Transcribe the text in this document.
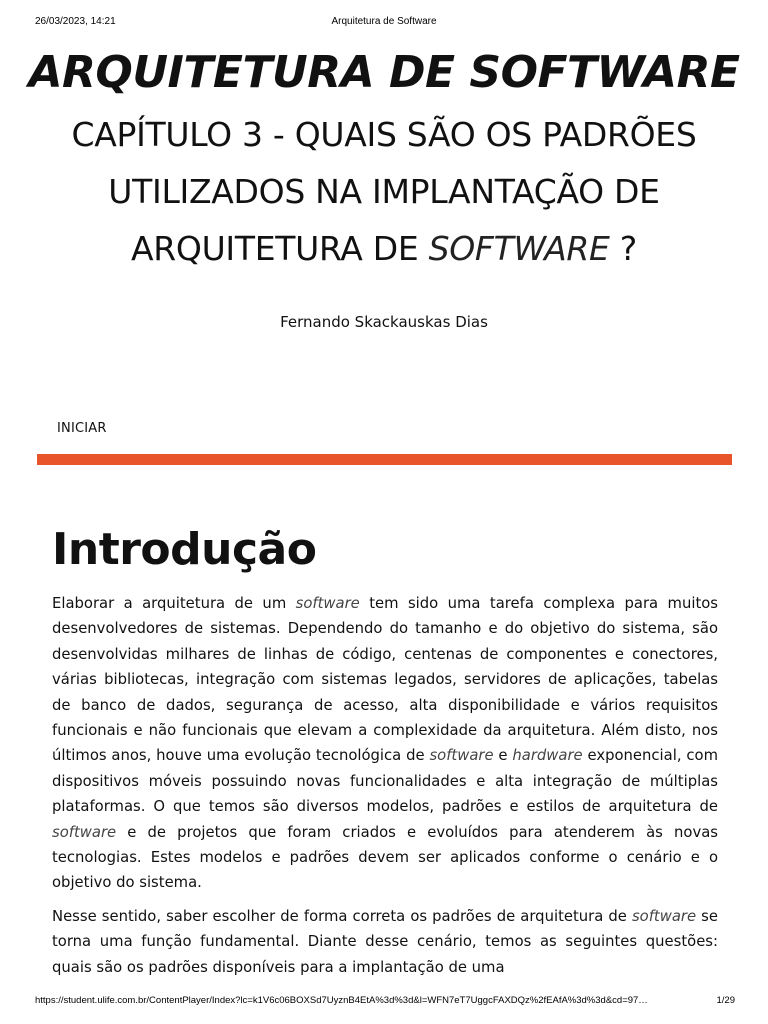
26/03/2023, 14:21	Arquitetura de Software
ARQUITETURA DE SOFTWARE
CAPÍTULO 3 - QUAIS SÃO OS PADRÕES
UTILIZADOS NA IMPLANTAÇÃO DE
ARQUITETURA DE SOFTWARE ?
Fernando Skackauskas Dias
INICIAR
Introdução

Elaborar a arquitetura de um software tem sido uma tarefa complexa para muitos desenvolvedores de sistemas. Dependendo do tamanho e do objetivo do sistema, são desenvolvidas milhares de linhas de código, centenas de componentes e conectores, várias bibliotecas, integração com sistemas legados, servidores de aplicações, tabelas de banco de dados, segurança de acesso, alta disponibilidade e vários requisitos funcionais e não funcionais que elevam a complexidade da arquitetura. Além disto, nos últimos anos, houve uma evolução tecnológica de software e hardware exponencial, com dispositivos móveis possuindo novas funcionalidades e alta integração de múltiplas plataformas. O que temos são diversos modelos, padrões e estilos de arquitetura de software e de projetos que foram criados e evoluídos para atenderem às novas tecnologias. Estes modelos e padrões devem ser aplicados conforme o cenário e o objetivo do sistema.

Nesse sentido, saber escolher de forma correta os padrões de arquitetura de software se torna uma função fundamental. Diante desse cenário, temos as seguintes questões: quais são os padrões disponíveis para a implantação de uma

https://student.ulife.com.br/ContentPlayer/Index?lc=k1V6c06BOXSd7UyznB4EtA%3d%3d&l=WFN7eT7UggcFAXDQz%2fEAfA%3d%3d&cd=97…	1/29
